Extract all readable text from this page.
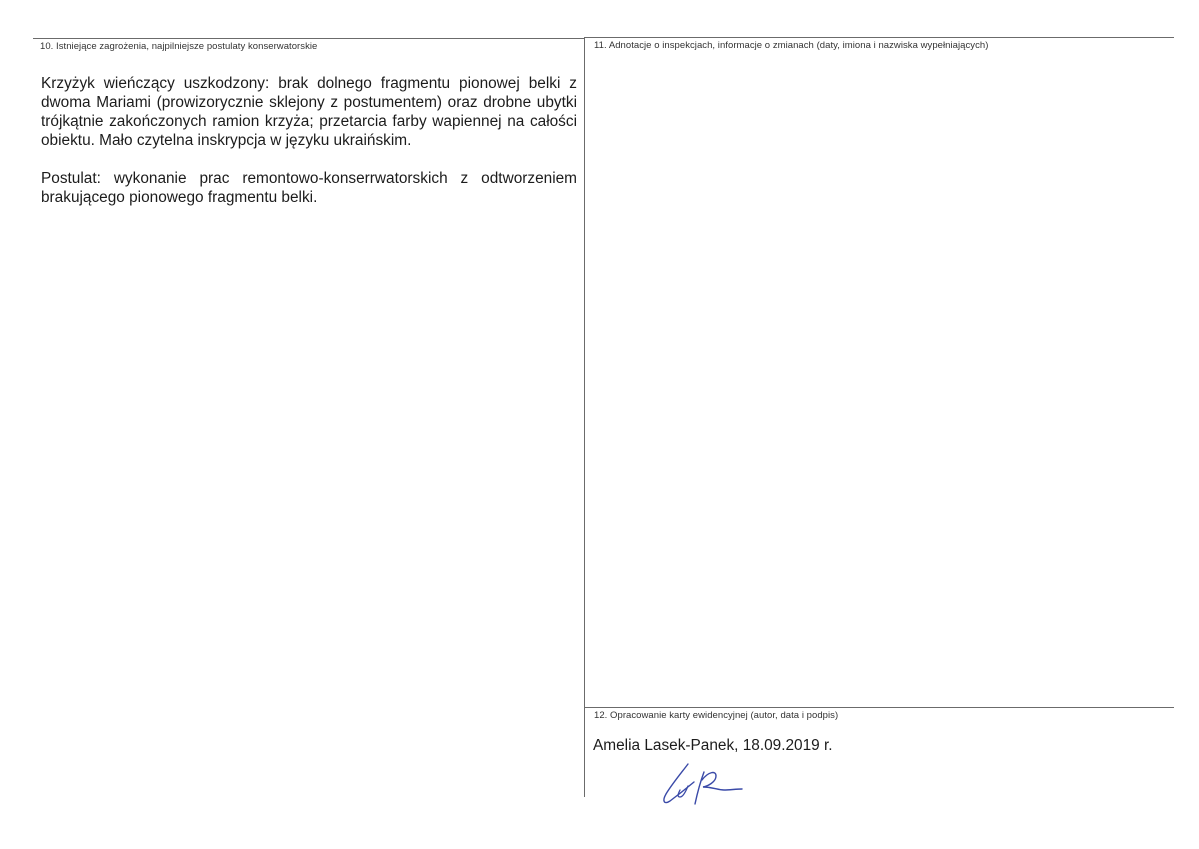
10. Istniejące zagrożenia, najpilniejsze postulaty konserwatorskie

Krzyżyk wieńczący uszkodzony: brak dolnego fragmentu pionowej belki z dwoma Mariami (prowizorycznie sklejony z postumentem) oraz drobne ubytki trójkątnie zakończonych ramion krzyża; przetarcia farby wapiennej na całości obiektu. Mało czytelna inskrypcja w języku ukraińskim.

Postulat: wykonanie prac remontowo-konserrwatorskich z odtworzeniem brakującego pionowego fragmentu belki.

11. Adnotacje o inspekcjach, informacje o zmianach (daty, imiona i nazwiska wypełniających)
12. Opracowanie karty ewidencyjnej (autor, data i podpis)
Amelia Lasek-Panek, 18.09.2019 r.
